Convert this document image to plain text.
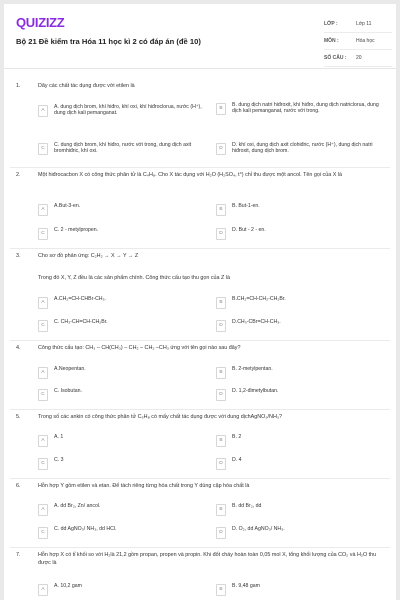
QUIZIZZ
Bộ 21 Đề kiểm tra Hóa 11 học kì 2 có đáp án (đề 10)
LỚP :	Lớp 11
MÔN :	Hóa học
SỐ CÂU :	20
1.	Dãy các chất tác dụng được với etilen là
A
A. dung dịch brom, khí hiđro, khí oxi, khí hiđroclorua, nước (H⁺), dung dịch kali pemanganat.
B
B. dung dịch natri hiđroxit, khí hiđro, dung dịch natriclorua, dung dịch kali pemanganat, nước với trong.
C
C. dung dịch brom, khí hiđro, nước với trong, dung dịch axit bromhiđric, khí oxi.	D
D. khí oxi, dung dịch axit clohiđric, nước (H⁺), dung dịch natri hiđroxit, dung dịch brom.
2.	Một hiđrocacbon X có công thức phân tử là C₄H₈. Cho X tác dụng với H₂O (H₂SO₄, t°) chỉ thu được một ancol. Tên gọi của X là
A
A.But-3-en.
B
B. But-1-en.
C
C. 2 - metylpropen.
D
D. But - 2 - en.
3.	Cho sơ đồ phản ứng: C₂H₂ → X → Y → Z
Trong đó X, Y, Z đều là các sản phẩm chính. Công thức cấu tạo thu gọn của Z là
A
A.CH₂=CH-CHBr-CH₃.
B
B.CH₂=CH-CH₂-CH₂Br.
C
C. CH₃-CH=CH-CH₂Br.
D
D.CH₃-CBr=CH-CH₃.
4.	Công thức cấu tạo: CH₃ – CH(CH₃) – CH₂ – CH₂ –CH₃ ứng với tên gọi nào sau đây?
A
A.Neopentan.
B
B. 2-metylpentan.
C
C. Isobutan.
D
D. 1,2-đimetylbutan.
5.	Trong số các ankin có công thức phân tử C₅H₈ có mấy chất tác dụng được với dung dịchAgNO₃/NH₃?
A
A. 1
B
B. 2
C
C. 3
D
D. 4
6.	Hỗn hợp Y gồm etilen và etan. Để tách riêng từng hóa chất trong Y dùng cặp hóa chất là
A
A. dd Br₂, Zn/ ancol.
B
B. dd Br₂, dd
C
C. dd AgNO₃/ NH₃, dd HCl.
D
D. O₂, dd AgNO₃/ NH₃.
7.	Hỗn hợp X có tỉ khối so với H₂là 21,2 gồm propan, propen và propin. Khi đốt cháy hoàn toàn 0,05 mol X, tổng khối lượng của CO₂ và H₂O thu được là
A
A. 10,2 gam
B
B. 9,48 gam
